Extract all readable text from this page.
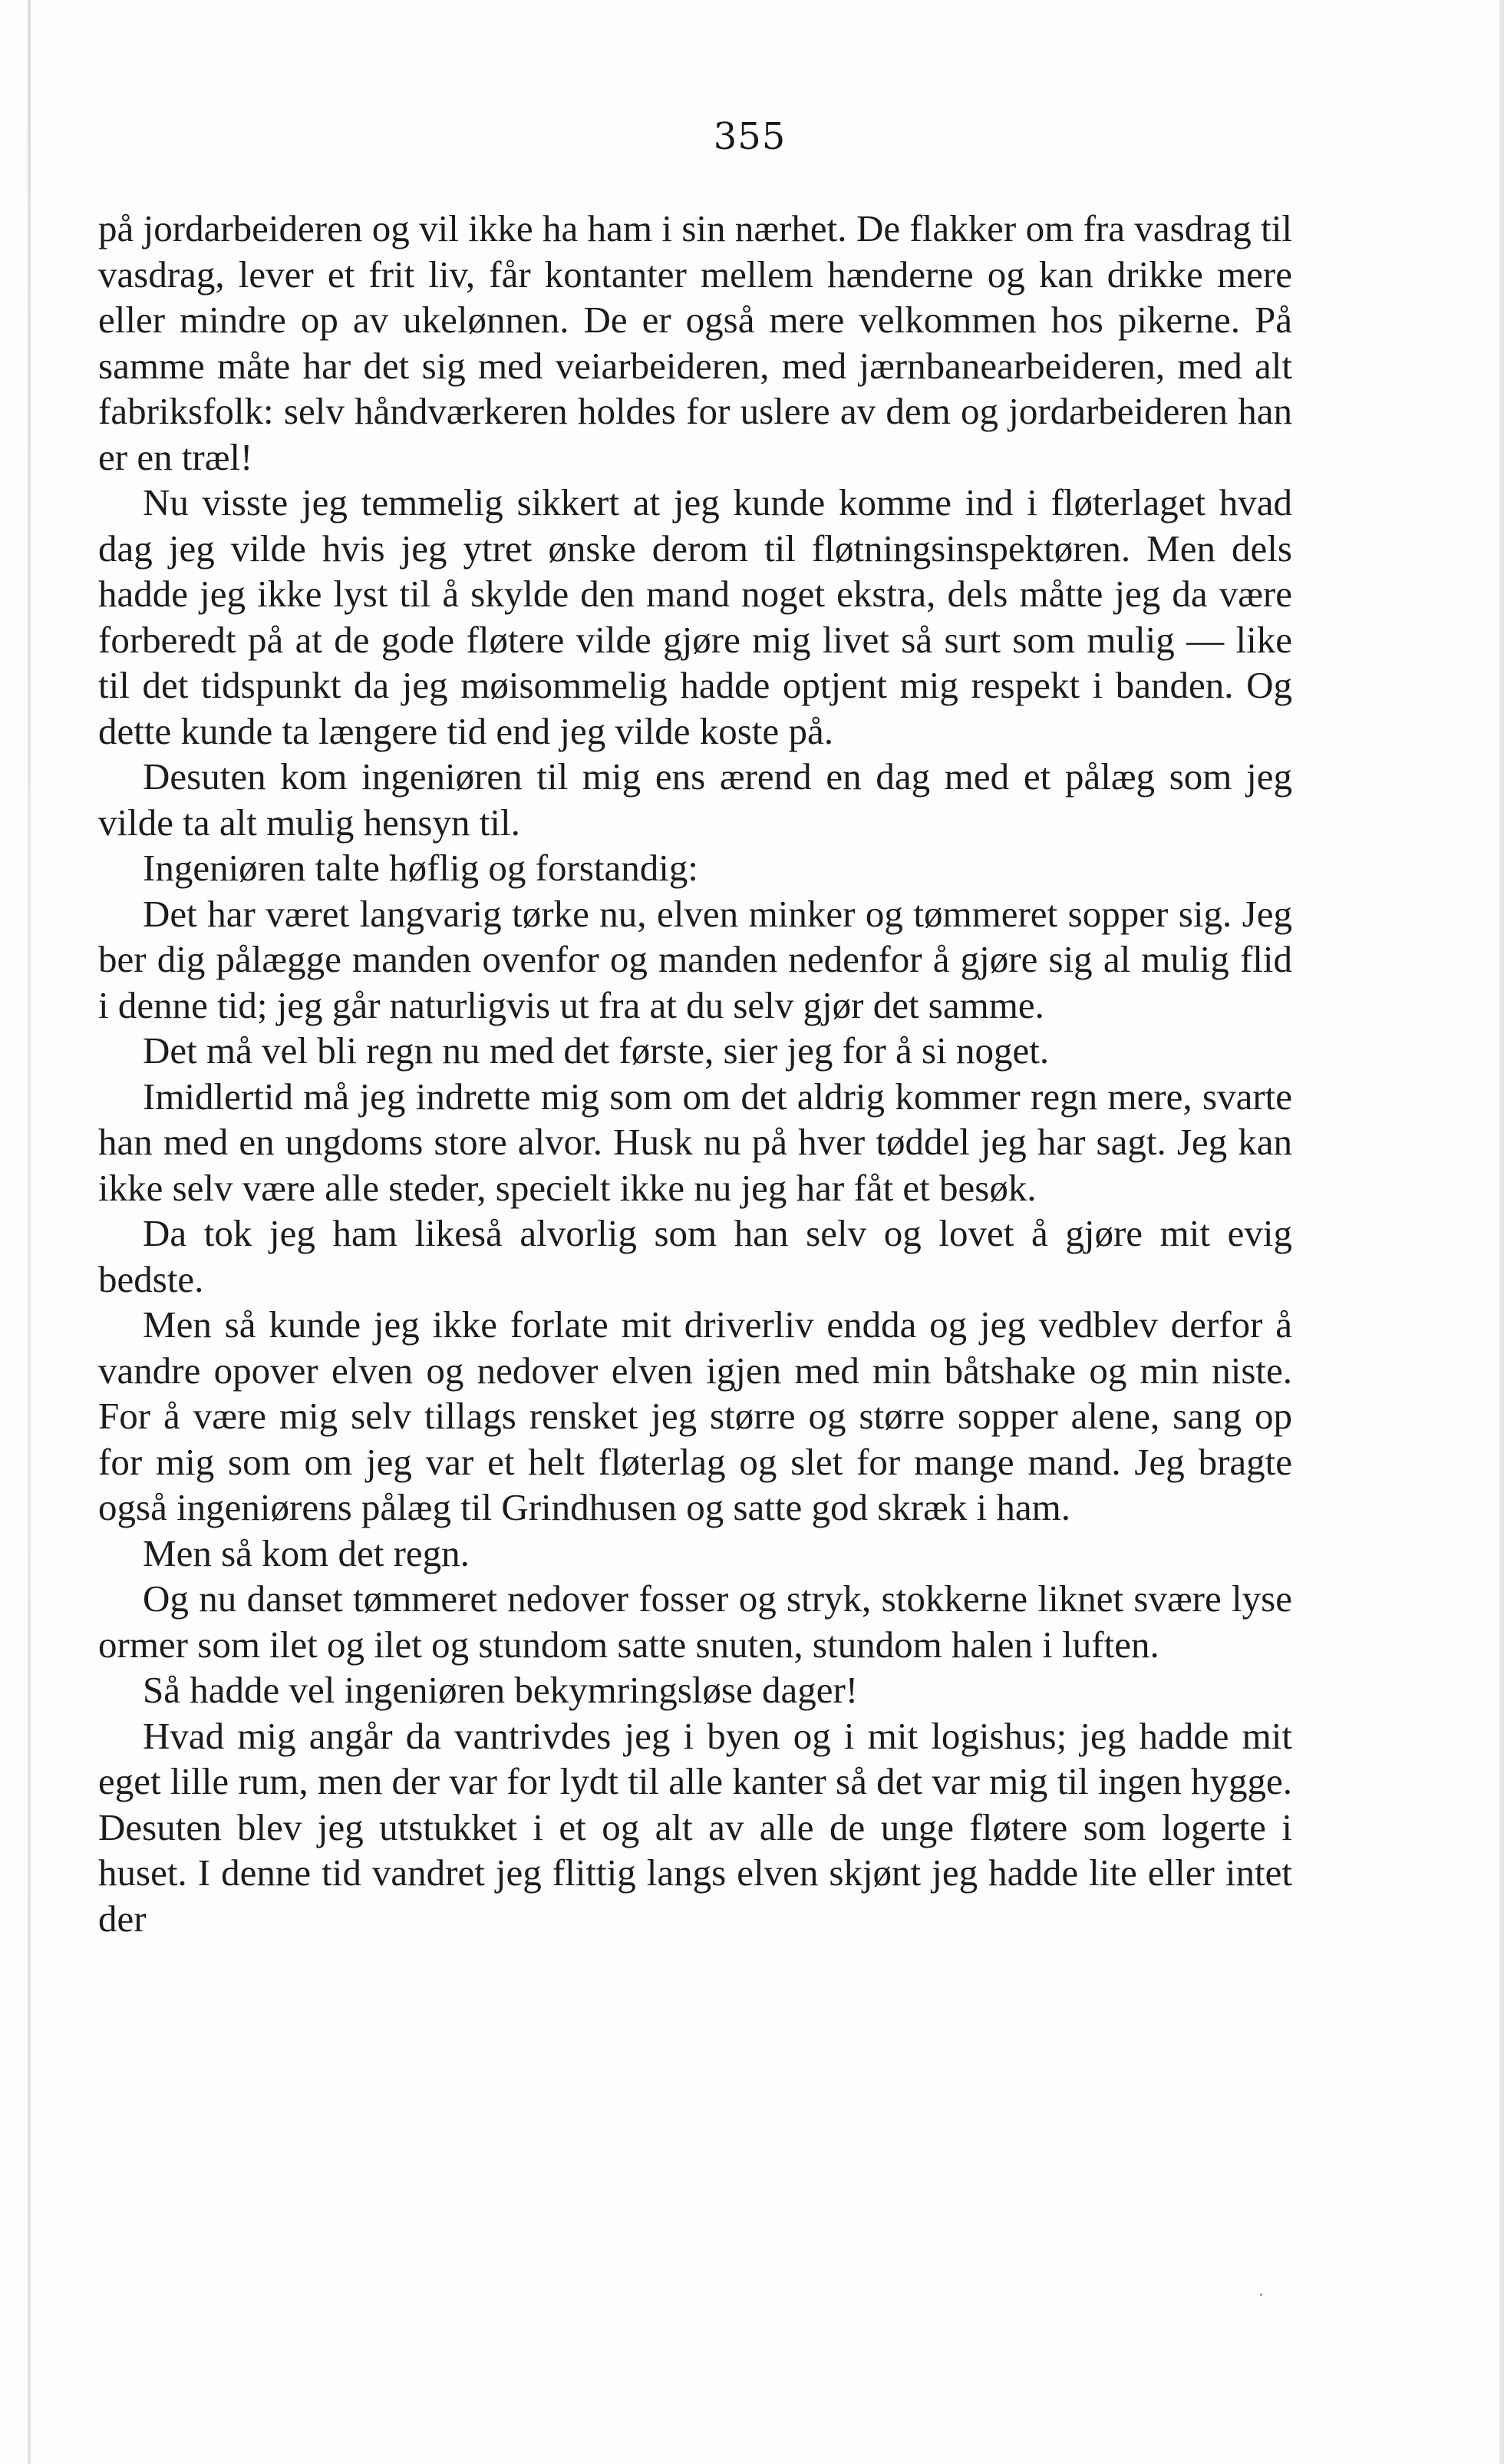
355

på jordarbeideren og vil ikke ha ham i sin nærhet. De flakker om fra vasdrag til vasdrag, lever et frit liv, får kontanter mellem hænderne og kan drikke mere eller mindre op av ukelønnen. De er også mere velkommen hos pikerne. På samme måte har det sig med veiarbeideren, med jærnbanearbeideren, med alt fabriksfolk: selv håndværkeren holdes for uslere av dem og jordarbeideren han er en træl!

Nu visste jeg temmelig sikkert at jeg kunde komme ind i fløterlaget hvad dag jeg vilde hvis jeg ytret ønske derom til fløtningsinspektøren. Men dels hadde jeg ikke lyst til å skylde den mand noget ekstra, dels måtte jeg da være forberedt på at de gode fløtere vilde gjøre mig livet så surt som mulig — like til det tidspunkt da jeg møisommelig hadde optjent mig respekt i banden. Og dette kunde ta længere tid end jeg vilde koste på.

Desuten kom ingeniøren til mig ens ærend en dag med et pålæg som jeg vilde ta alt mulig hensyn til.

Ingeniøren talte høflig og forstandig:

Det har været langvarig tørke nu, elven minker og tømmeret sopper sig. Jeg ber dig pålægge manden ovenfor og manden nedenfor å gjøre sig al mulig flid i denne tid; jeg går naturligvis ut fra at du selv gjør det samme.

Det må vel bli regn nu med det første, sier jeg for å si noget.

Imidlertid må jeg indrette mig som om det aldrig kommer regn mere, svarte han med en ungdoms store alvor. Husk nu på hver tøddel jeg har sagt. Jeg kan ikke selv være alle steder, specielt ikke nu jeg har fåt et besøk.

Da tok jeg ham likeså alvorlig som han selv og lovet å gjøre mit evig bedste.

Men så kunde jeg ikke forlate mit driverliv endda og jeg vedblev derfor å vandre opover elven og nedover elven igjen med min båtshake og min niste. For å være mig selv tillags rensket jeg større og større sopper alene, sang op for mig som om jeg var et helt fløterlag og slet for mange mand. Jeg bragte også ingeniørens pålæg til Grindhusen og satte god skræk i ham.

Men så kom det regn.

Og nu danset tømmeret nedover fosser og stryk, stokkerne liknet svære lyse ormer som ilet og ilet og stundom satte snuten, stundom halen i luften.

Så hadde vel ingeniøren bekymringsløse dager!

Hvad mig angår da vantrivdes jeg i byen og i mit logishus; jeg hadde mit eget lille rum, men der var for lydt til alle kanter så det var mig til ingen hygge. Desuten blev jeg utstukket i et og alt av alle de unge fløtere som logerte i huset. I denne tid vandret jeg flittig langs elven skjønt jeg hadde lite eller intet der
